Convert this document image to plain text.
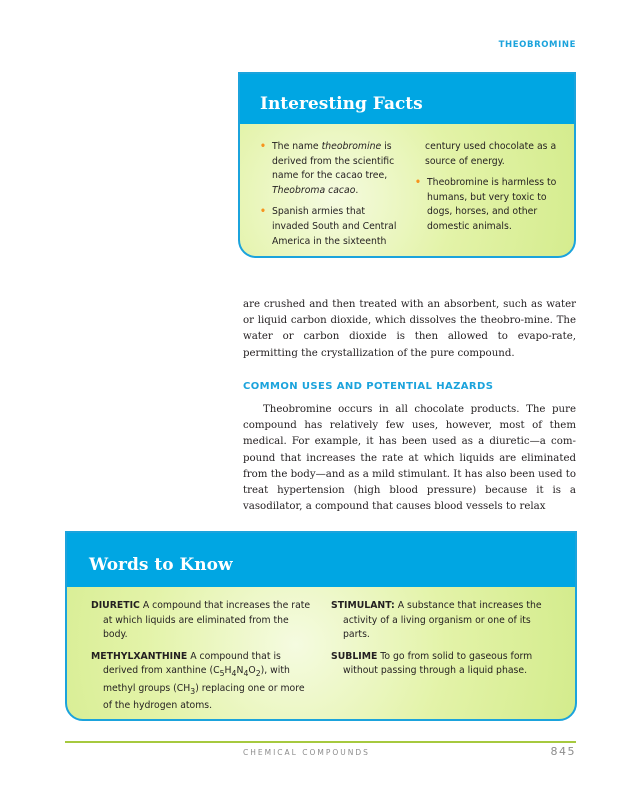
THEOBROMINE
Interesting Facts
• The name theobromine is derived from the scientific name for the cacao tree, Theobroma cacao.
• Spanish armies that invaded South and Central America in the sixteenth
century used chocolate as a source of energy.
• Theobromine is harmless to humans, but very toxic to dogs, horses, and other domestic animals.

are crushed and then treated with an absorbent, such as water or liquid carbon dioxide, which dissolves the theobro-mine. The water or carbon dioxide is then allowed to evapo-rate, permitting the crystallization of the pure compound.

COMMON USES AND POTENTIAL HAZARDS

Theobromine occurs in all chocolate products. The pure compound has relatively few uses, however, most of them medical. For example, it has been used as a diuretic—a com-pound that increases the rate at which liquids are eliminated from the body—and as a mild stimulant. It has also been used to treat hypertension (high blood pressure) because it is a vasodilator, a compound that causes blood vessels to relax

Words to Know

DIURETIC A compound that increases the rate at which liquids are eliminated from the body.

METHYLXANTHINE A compound that is derived from xanthine $(C_5H_4N_4O_2)$, with methyl groups $(CH_3)$ replacing one or more of the hydrogen atoms.

STIMULANT: A substance that increases the activity of a living organism or one of its parts.

SUBLIME To go from solid to gaseous form without passing through a liquid phase.

CHEMICAL COMPOUNDS	845
